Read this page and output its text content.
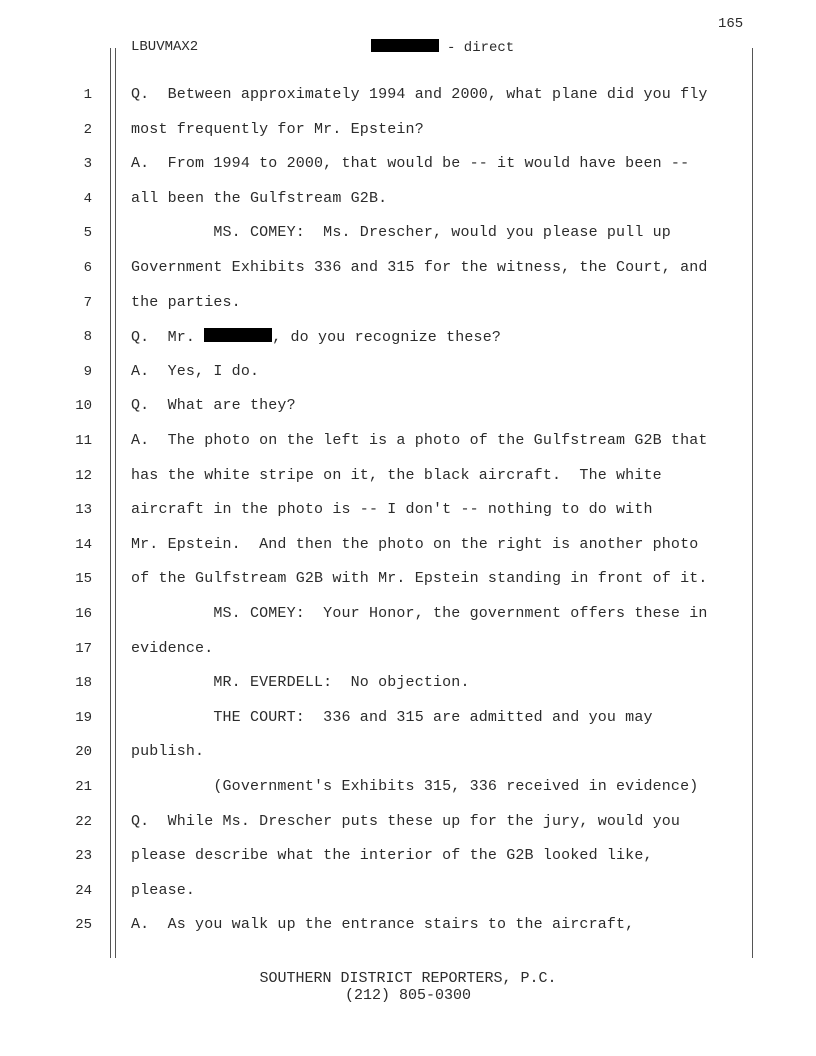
165
LBUVMAX2	- direct
1	Q.  Between approximately 1994 and 2000, what plane did you fly
2	most frequently for Mr. Epstein?
3	A.  From 1994 to 2000, that would be -- it would have been --
4	all been the Gulfstream G2B.
5	MS. COMEY:  Ms. Drescher, would you please pull up
6	Government Exhibits 336 and 315 for the witness, the Court, and
7	the parties.
8	Q.  Mr.	, do you recognize these?
9	A.  Yes, I do.
10	Q.  What are they?
11	A.  The photo on the left is a photo of the Gulfstream G2B that
12	has the white stripe on it, the black aircraft.  The white
13	aircraft in the photo is -- I don't -- nothing to do with
14	Mr. Epstein.  And then the photo on the right is another photo
15	of the Gulfstream G2B with Mr. Epstein standing in front of it.
16	MS. COMEY:  Your Honor, the government offers these in
17	evidence.
18	MR. EVERDELL:  No objection.
19	THE COURT:  336 and 315 are admitted and you may
20	publish.
21	(Government's Exhibits 315, 336 received in evidence)
22	Q.  While Ms. Drescher puts these up for the jury, would you
23	please describe what the interior of the G2B looked like,
24	please.
25	A.  As you walk up the entrance stairs to the aircraft,
SOUTHERN DISTRICT REPORTERS, P.C.
(212) 805-0300
